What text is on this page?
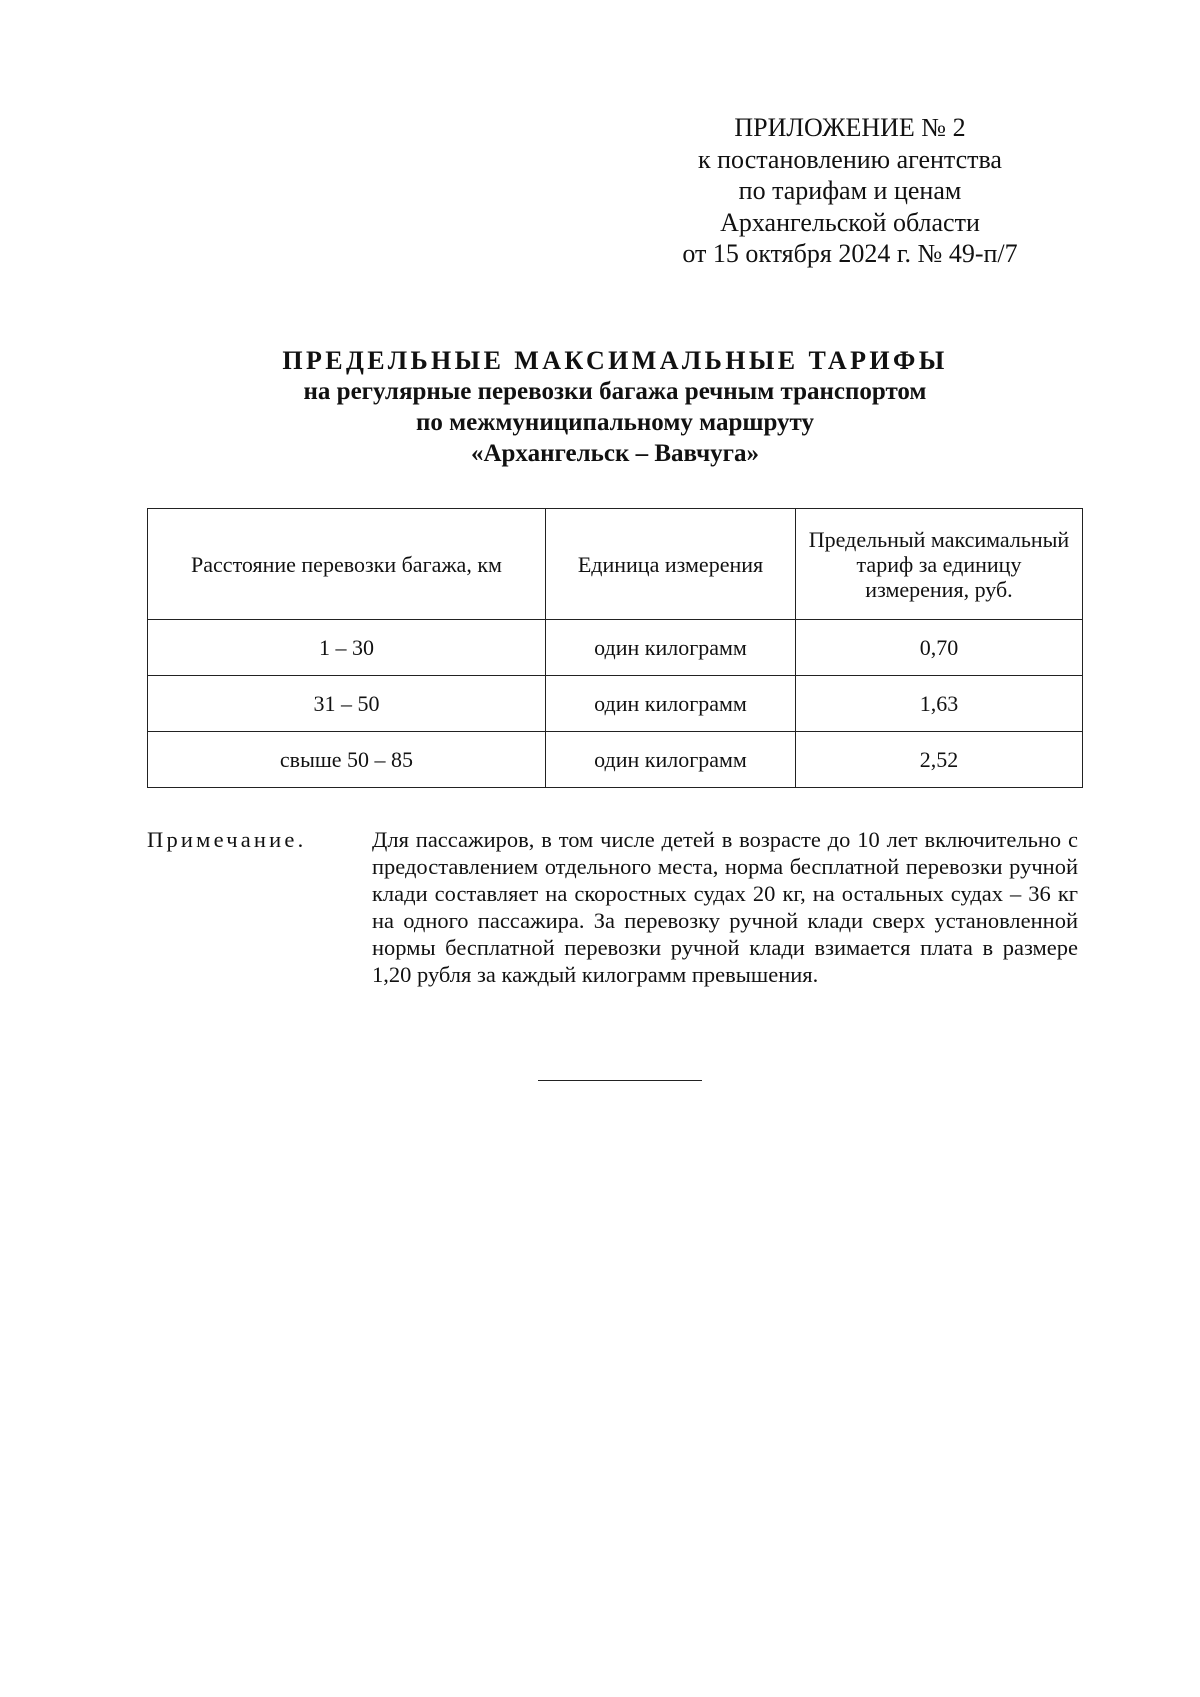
ПРИЛОЖЕНИЕ № 2
к постановлению агентства
по тарифам и ценам
Архангельской области
от 15 октября 2024 г. № 49-п/7
ПРЕДЕЛЬНЫЕ МАКСИМАЛЬНЫЕ ТАРИФЫ
на регулярные перевозки багажа речным транспортом
по межмуниципальному маршруту
«Архангельск – Вавчуга»
Расстояние перевозки багажа, км	Единица измерения	Предельный максимальный тариф за единицу измерения, руб.
1 – 30	один килограмм	0,70
31 – 50	один килограмм	1,63
свыше 50 – 85	один килограмм	2,52
Примечание.	Для пассажиров, в том числе детей в возрасте до 10 лет включительно с предоставлением отдельного места, норма бесплатной перевозки ручной клади составляет на скоростных судах 20 кг, на остальных судах – 36 кг на одного пассажира. За перевозку ручной клади сверх установленной нормы бесплатной перевозки ручной клади взимается плата в размере 1,20 рубля за каждый килограмм превышения.
